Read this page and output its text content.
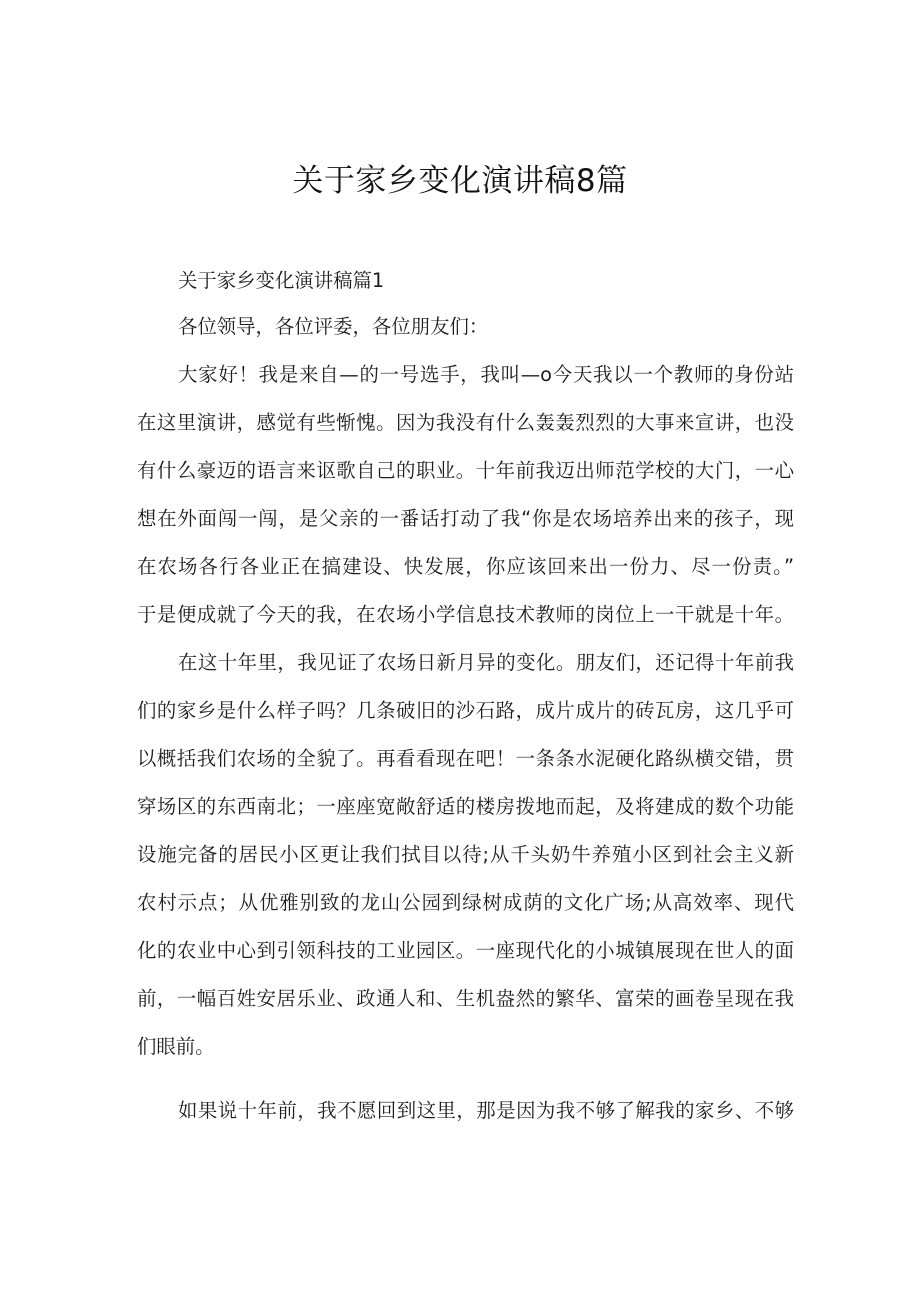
关于家乡变化演讲稿8篇
关于家乡变化演讲稿篇1
各位领导，各位评委，各位朋友们：
大家好！我是来自—的一号选手，我叫—o今天我以一个教师的身份站
在这里演讲，感觉有些惭愧。因为我没有什么轰轰烈烈的大事来宣讲，也没
有什么豪迈的语言来讴歌自己的职业。十年前我迈出师范学校的大门，一心
想在外面闯一闯，是父亲的一番话打动了我“你是农场培养出来的孩子，现
在农场各行各业正在搞建设、快发展，你应该回来出一份力、尽一份责。”
于是便成就了今天的我，在农场小学信息技术教师的岗位上一干就是十年。
在这十年里，我见证了农场日新月异的变化。朋友们，还记得十年前我
们的家乡是什么样子吗？几条破旧的沙石路，成片成片的砖瓦房，这几乎可
以概括我们农场的全貌了。再看看现在吧！一条条水泥硬化路纵横交错，贯
穿场区的东西南北；一座座宽敞舒适的楼房拨地而起，及将建成的数个功能
设施完备的居民小区更让我们拭目以待;从千头奶牛养殖小区到社会主义新
农村示点；从优雅别致的龙山公园到绿树成荫的文化广场;从高效率、现代
化的农业中心到引领科技的工业园区。一座现代化的小城镇展现在世人的面
前，一幅百姓安居乐业、政通人和、生机盎然的繁华、富荣的画卷呈现在我
们眼前。
如果说十年前，我不愿回到这里，那是因为我不够了解我的家乡、不够
